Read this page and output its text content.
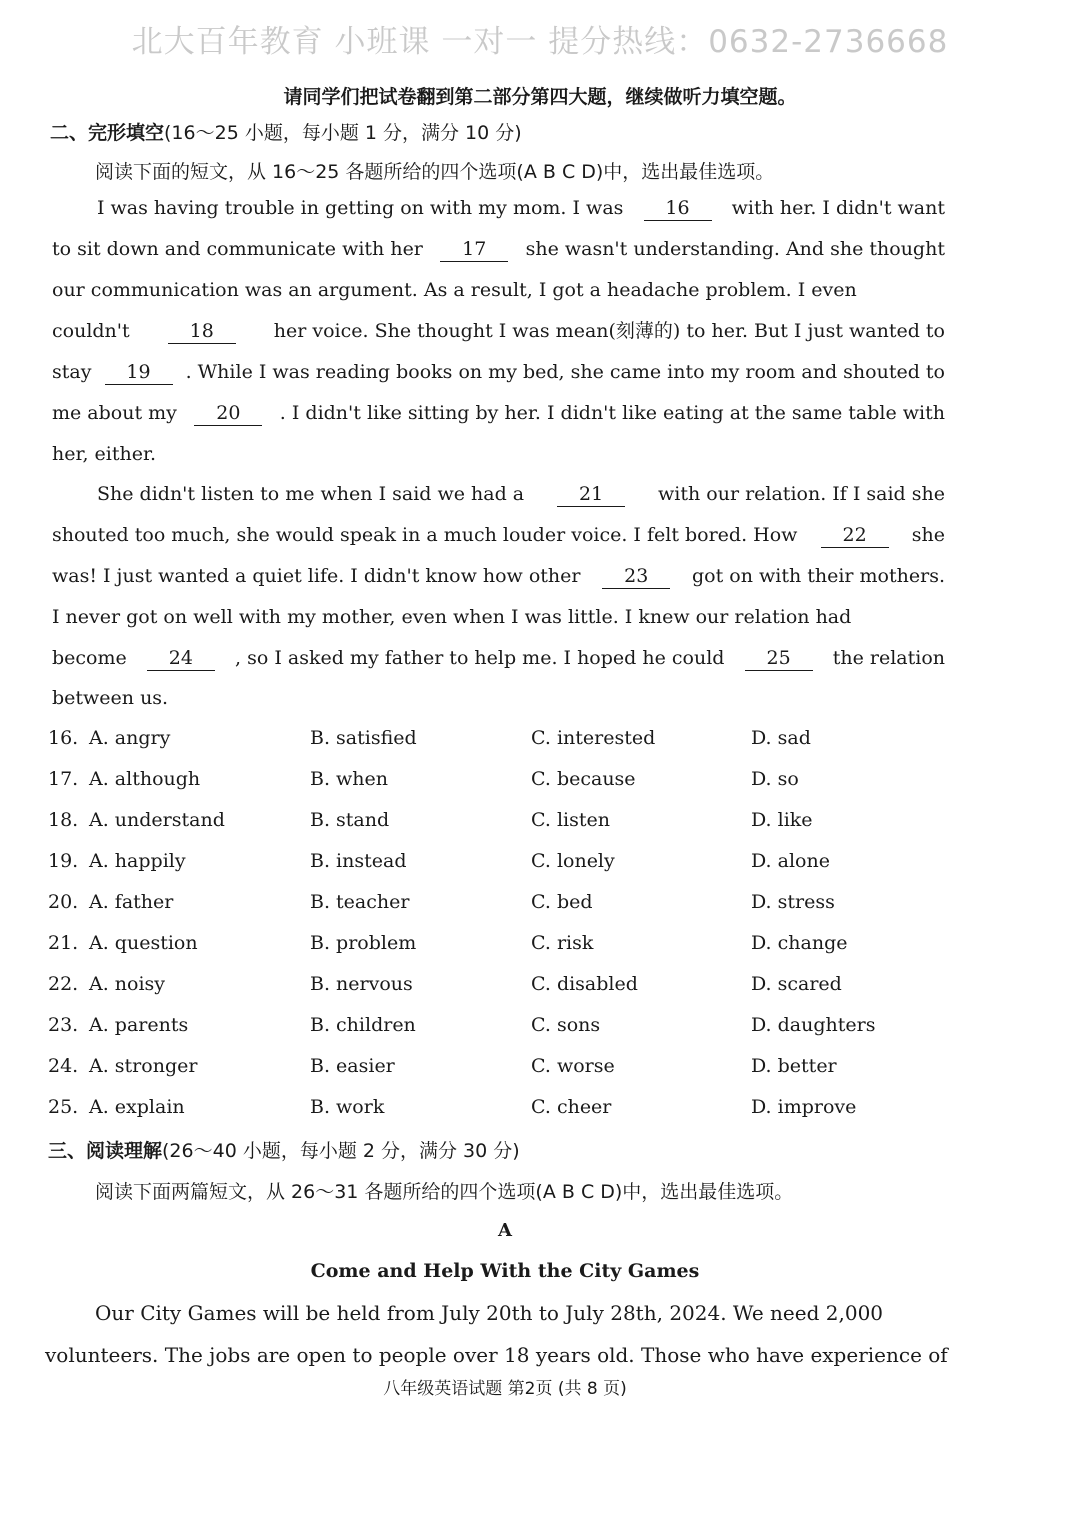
北大百年教育 小班课 一对一 提分热线：0632-2736668
请同学们把试卷翻到第二部分第四大题，继续做听力填空题。
二、完形填空(16～25 小题，每小题 1 分，满分 10 分)
阅读下面的短文，从 16～25 各题所给的四个选项(A B C D)中，选出最佳选项。
I was having trouble in getting on with my mom. I was	16	with her. I didn't want
to sit down and communicate with her	17	she wasn't understanding. And she thought
our communication was an argument. As a result, I got a headache problem. I even
couldn't	18	her voice. She thought I was mean(刻薄的) to her. But I just wanted to
stay	19	. While I was reading books on my bed, she came into my room and shouted to
me about my	20	. I didn't like sitting by her. I didn't like eating at the same table with
her, either.
She didn't listen to me when I said we had a	21	with our relation. If I said she
shouted too much, she would speak in a much louder voice. I felt bored. How	22	she
was! I just wanted a quiet life. I didn't know how other	23	got on with their mothers.
I never got on well with my mother, even when I was little. I knew our relation had
become	24	, so I asked my father to help me. I hoped he could	25	the relation
between us.
16. A. angry	B. satisfied	C. interested	D. sad
17. A. although	B. when	C. because	D. so
18. A. understand	B. stand	C. listen	D. like
19. A. happily	B. instead	C. lonely	D. alone
20. A. father	B. teacher	C. bed	D. stress
21. A. question	B. problem	C. risk	D. change
22. A. noisy	B. nervous	C. disabled	D. scared
23. A. parents	B. children	C. sons	D. daughters
24. A. stronger	B. easier	C. worse	D. better
25. A. explain	B. work	C. cheer	D. improve
三、阅读理解(26～40 小题，每小题 2 分，满分 30 分)
阅读下面两篇短文，从 26～31 各题所给的四个选项(A B C D)中，选出最佳选项。
A
Come and Help With the City Games
Our City Games will be held from July 20th to July 28th, 2024. We need 2,000
volunteers. The jobs are open to people over 18 years old. Those who have experience of
八年级英语试题 第2页 (共 8 页)
